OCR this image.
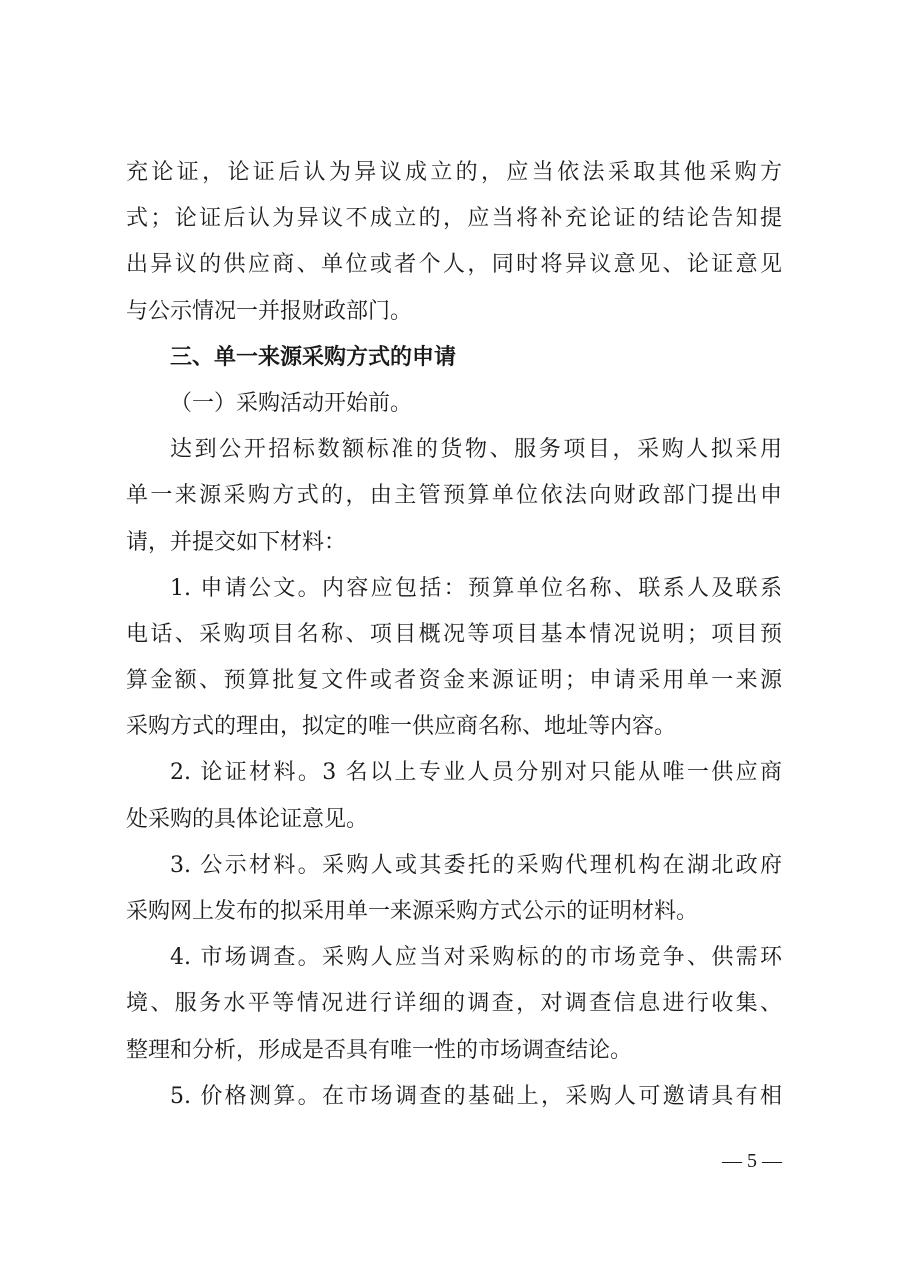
充论证，论证后认为异议成立的，应当依法采取其他采购方
式；论证后认为异议不成立的，应当将补充论证的结论告知提
出异议的供应商、单位或者个人，同时将异议意见、论证意见
与公示情况一并报财政部门。
三、单一来源采购方式的申请
（一）采购活动开始前。
达到公开招标数额标准的货物、服务项目，采购人拟采用
单一来源采购方式的，由主管预算单位依法向财政部门提出申
请，并提交如下材料：
1. 申请公文。内容应包括：预算单位名称、联系人及联系
电话、采购项目名称、项目概况等项目基本情况说明；项目预
算金额、预算批复文件或者资金来源证明；申请采用单一来源
采购方式的理由，拟定的唯一供应商名称、地址等内容。
2. 论证材料。3 名以上专业人员分别对只能从唯一供应商
处采购的具体论证意见。
3. 公示材料。采购人或其委托的采购代理机构在湖北政府
采购网上发布的拟采用单一来源采购方式公示的证明材料。
4. 市场调查。采购人应当对采购标的的市场竞争、供需环
境、服务水平等情况进行详细的调查，对调查信息进行收集、
整理和分析，形成是否具有唯一性的市场调查结论。
5. 价格测算。在市场调查的基础上，采购人可邀请具有相
— 5 —
